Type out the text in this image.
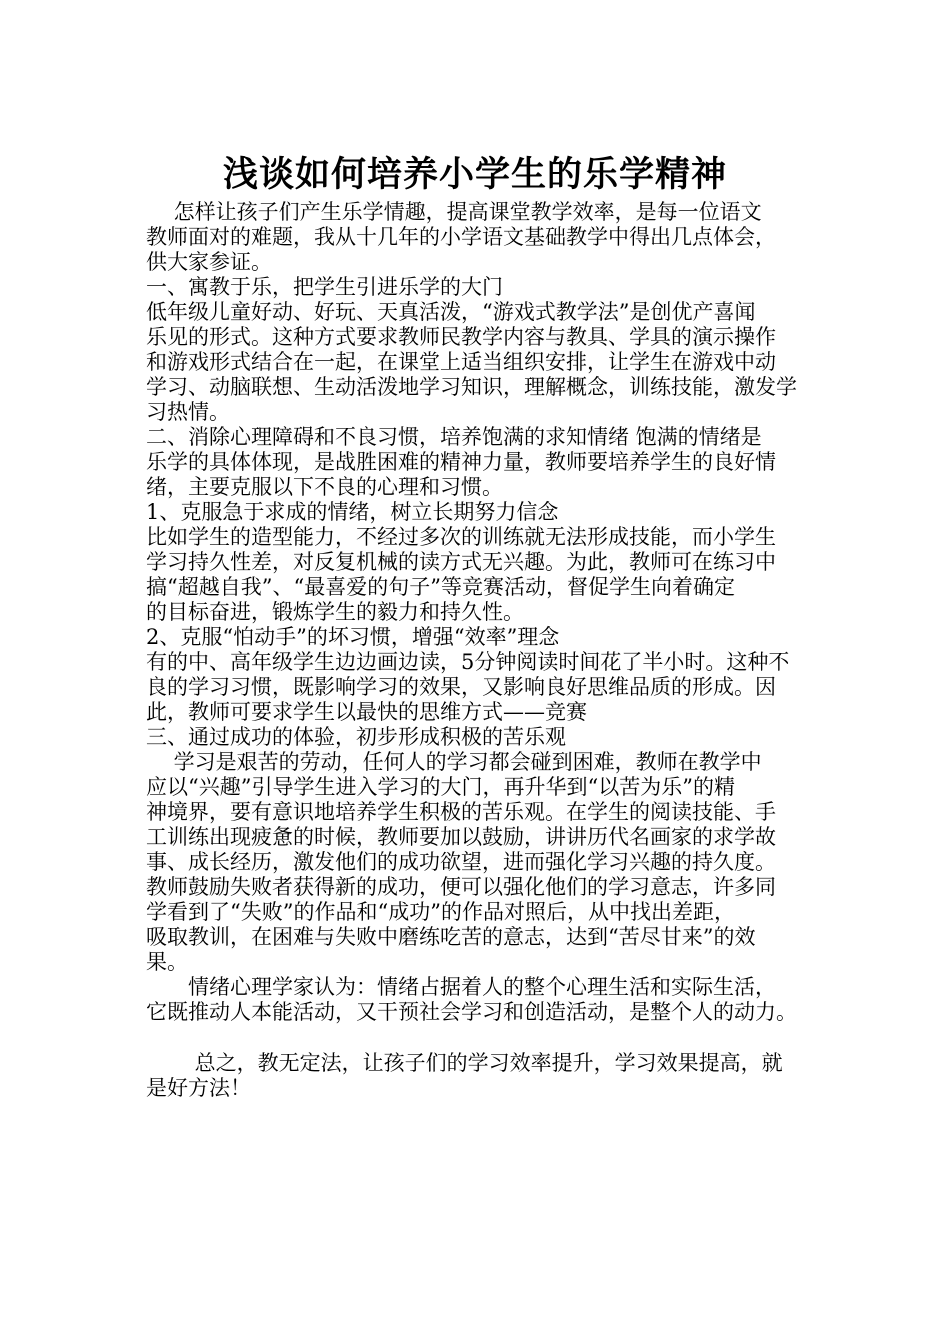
浅谈如何培养小学生的乐学精神
　 怎样让孩子们产生乐学情趣，提高课堂教学效率，是每一位语文
教师面对的难题，我从十几年的小学语文基础教学中得出几点体会，
供大家参证。
一、寓教于乐，把学生引进乐学的大门
低年级儿童好动、好玩、天真活泼，“游戏式教学法”是创优产喜闻
乐见的形式。这种方式要求教师民教学内容与教具、学具的演示操作
和游戏形式结合在一起，在课堂上适当组织安排，让学生在游戏中动
学习、动脑联想、生动活泼地学习知识，理解概念，训练技能，激发学
习热情。
二、消除心理障碍和不良习惯，培养饱满的求知情绪 饱满的情绪是
乐学的具体体现，是战胜困难的精神力量，教师要培养学生的良好情
绪，主要克服以下不良的心理和习惯。
1、克服急于求成的情绪，树立长期努力信念
比如学生的造型能力，不经过多次的训练就无法形成技能，而小学生
学习持久性差，对反复机械的读方式无兴趣。为此，教师可在练习中
搞“超越自我”、“最喜爱的句子”等竞赛活动，督促学生向着确定
的目标奋进，锻炼学生的毅力和持久性。
2、克服“怕动手”的坏习惯，增强“效率”理念
有的中、高年级学生边边画边读，5分钟阅读时间花了半小时。这种不
良的学习习惯，既影响学习的效果，又影响良好思维品质的形成。因
此，教师可要求学生以最快的思维方式——竞赛
三、通过成功的体验，初步形成积极的苦乐观
　 学习是艰苦的劳动，任何人的学习都会碰到困难，教师在教学中
应以“兴趣”引导学生进入学习的大门，再升华到“以苦为乐”的精
神境界，要有意识地培养学生积极的苦乐观。在学生的阅读技能、手
工训练出现疲惫的时候，教师要加以鼓励，讲讲历代名画家的求学故
事、成长经历，激发他们的成功欲望，进而强化学习兴趣的持久度。
教师鼓励失败者获得新的成功，便可以强化他们的学习意志，许多同
学看到了“失败”的作品和“成功”的作品对照后，从中找出差距，
吸取教训，在困难与失败中磨练吃苦的意志，达到“苦尽甘来”的效
果。
　　情绪心理学家认为：情绪占据着人的整个心理生活和实际生活，
它既推动人本能活动，又干预社会学习和创造活动，是整个人的动力。
　　 总之，教无定法，让孩子们的学习效率提升，学习效果提高，就
是好方法！
